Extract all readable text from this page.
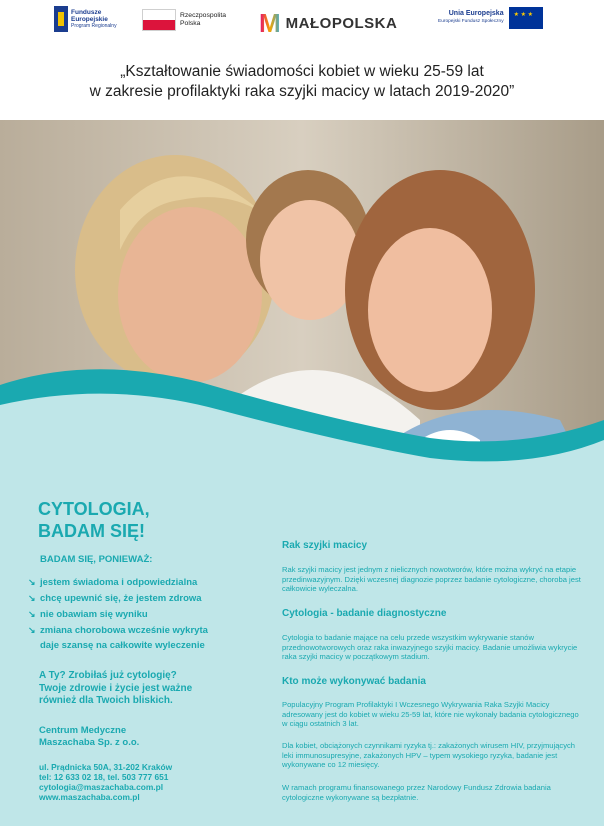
Fundusze
Europejskie
Program Regionalny
Rzeczpospolita
Polska	M MAŁOPOLSKA
Unia Europejska
Europejski Fundusz Społeczny
★ ★ ★
„Kształtowanie świadomości kobiet w wieku 25-59 lat
w zakresie profilaktyki raka szyjki macicy w latach 2019-2020”
CYTOLOGIA,
BADAM SIĘ!
BADAM SIĘ, PONIEWAŻ:
↘ jestem świadoma i odpowiedzialna
↘ chcę upewnić się, że jestem zdrowa
↘ nie obawiam się wyniku
↘ zmiana chorobowa wcześnie wykryta
daje szansę na całkowite wyleczenie
A Ty? Zrobiłaś już cytologię?
Twoje zdrowie i życie jest ważne
również dla Twoich bliskich.
Centrum Medyczne
Maszachaba Sp. z o.o.
ul. Prądnicka 50A, 31-202 Kraków
tel: 12 633 02 18, tel. 503 777 651
cytologia@maszachaba.com.pl
www.maszachaba.com.pl
Rak szyjki macicy
Rak szyjki macicy jest jednym z nielicznych nowotworów, które można wykryć na etapie przedinwazyjnym. Dzięki wczesnej diagnozie poprzez badanie cytologiczne, choroba jest całkowicie wyleczalna.
Cytologia - badanie diagnostyczne
Cytologia to badanie mające na celu przede wszystkim wykrywanie stanów przednowotworowych oraz raka inwazyjnego szyjki macicy. Badanie umożliwia wykrycie raka szyjki macicy w początkowym stadium.
Kto może wykonywać badania
Populacyjny Program Profilaktyki I Wczesnego Wykrywania Raka Szyjki Macicy adresowany jest do kobiet w wieku 25-59 lat, które nie wykonały badania cytologicznego w ciągu ostatnich 3 lat.
Dla kobiet, obciążonych czynnikami ryzyka tj.: zakażonych wirusem HIV, przyjmujących leki immunosupresyjne, zakażonych HPV – typem wysokiego ryzyka, badanie jest wykonywane co 12 miesięcy.
W ramach programu finansowanego przez Narodowy Fundusz Zdrowia badania cytologiczne wykonywane są bezpłatnie.
